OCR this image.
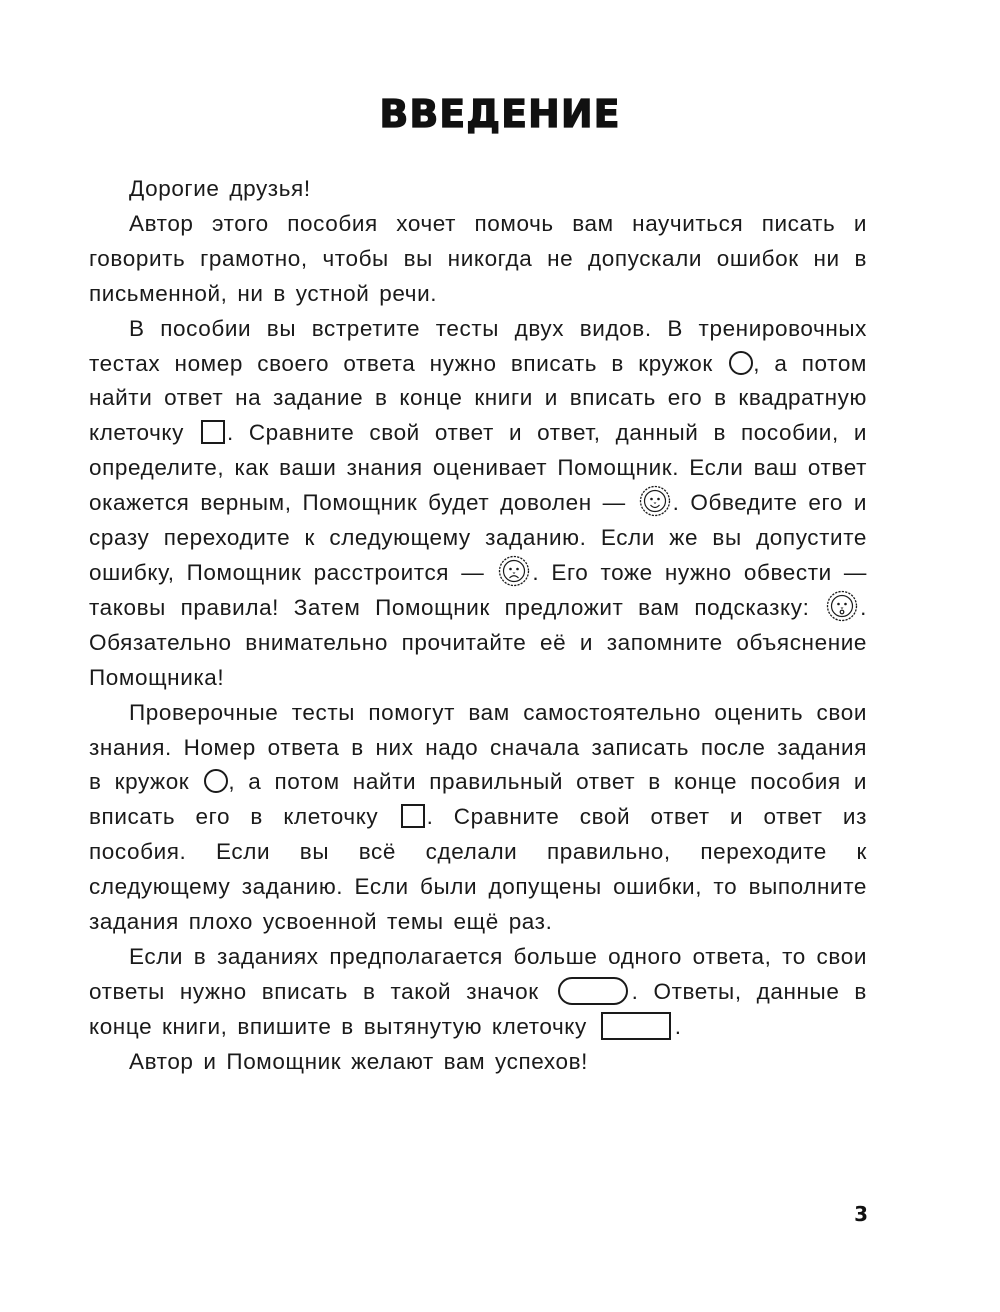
ВВЕДЕНИЕ

Дорогие друзья!

Автор этого пособия хочет помочь вам научиться писать и говорить грамотно, чтобы вы никогда не допускали ошибок ни в письменной, ни в устной речи.

В пособии вы встретите тесты двух видов. В тренировочных тестах номер своего ответа нужно вписать в кружок , а потом найти ответ на задание в конце книги и вписать его в квадратную клеточку . Сравните свой ответ и ответ, данный в пособии, и определите, как ваши знания оценивает Помощник. Если ваш ответ окажется верным, Помощник будет доволен — . Обведите его и сразу переходите к следующему заданию. Если же вы допустите ошибку, Помощник расстроится — . Его тоже нужно обвести — таковы правила! Затем Помощник предложит вам подсказку: . Обязательно внимательно прочитайте её и запомните объяснение Помощника!

Проверочные тесты помогут вам самостоятельно оценить свои знания. Номер ответа в них надо сначала записать после задания в кружок , а потом найти правильный ответ в конце пособия и вписать его в клеточку . Сравните свой ответ и ответ из пособия. Если вы всё сделали правильно, переходите к следующему заданию. Если были допущены ошибки, то выполните задания плохо усвоенной темы ещё раз.

Если в заданиях предполагается больше одного ответа, то свои ответы нужно вписать в такой значок	. Ответы, данные в конце книги, впишите в вытянутую клеточку	.

Автор и Помощник желают вам успехов!

3
